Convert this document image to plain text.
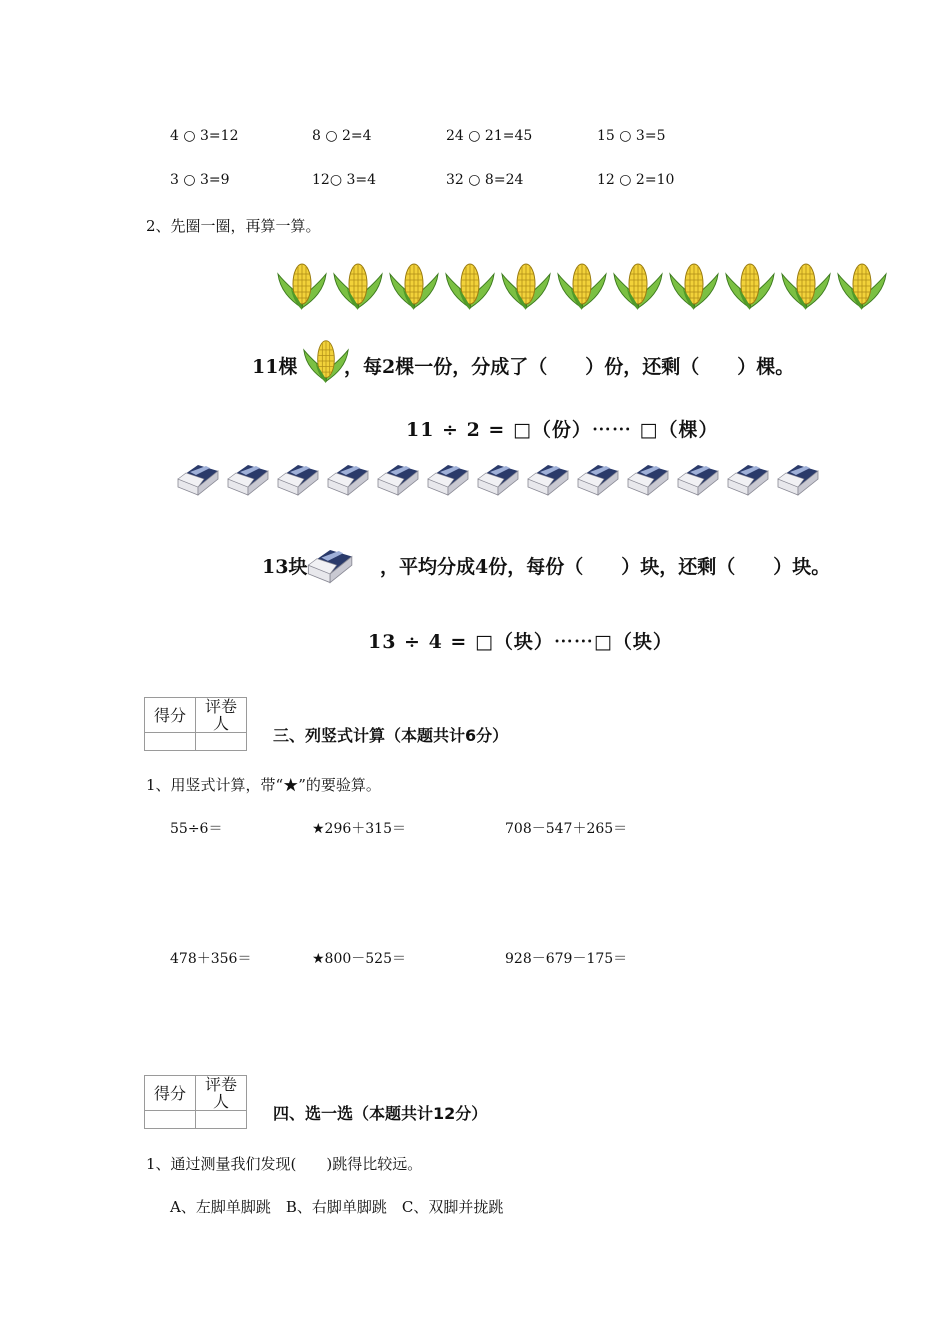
4 ○ 3=12	8 ○ 2=4	24 ○ 21=45	15 ○ 3=5
3 ○ 3=9	12○ 3=4	32 ○ 8=24	12 ○ 2=10
2、先圈一圈，再算一算。
11棵 ，每2棵一份，分成了（　　）份，还剩（　　）棵。
11 ÷ 2 = □（份）⋯⋯ □（棵）
13块	，平均分成4份，每份（　　）块，还剩（　　）块。
13 ÷ 4 = □（块）⋯⋯□（块）
得分	评卷人

三、列竖式计算（本题共计6分）
1、用竖式计算，带“★”的要验算。
55÷6＝	★296＋315＝	708－547＋265＝
478＋356＝	★800－525＝	928－679－175＝
得分	评卷人

四、选一选（本题共计12分）
1、通过测量我们发现(　　)跳得比较远。
A、左脚单脚跳　B、右脚单脚跳　C、双脚并拢跳
